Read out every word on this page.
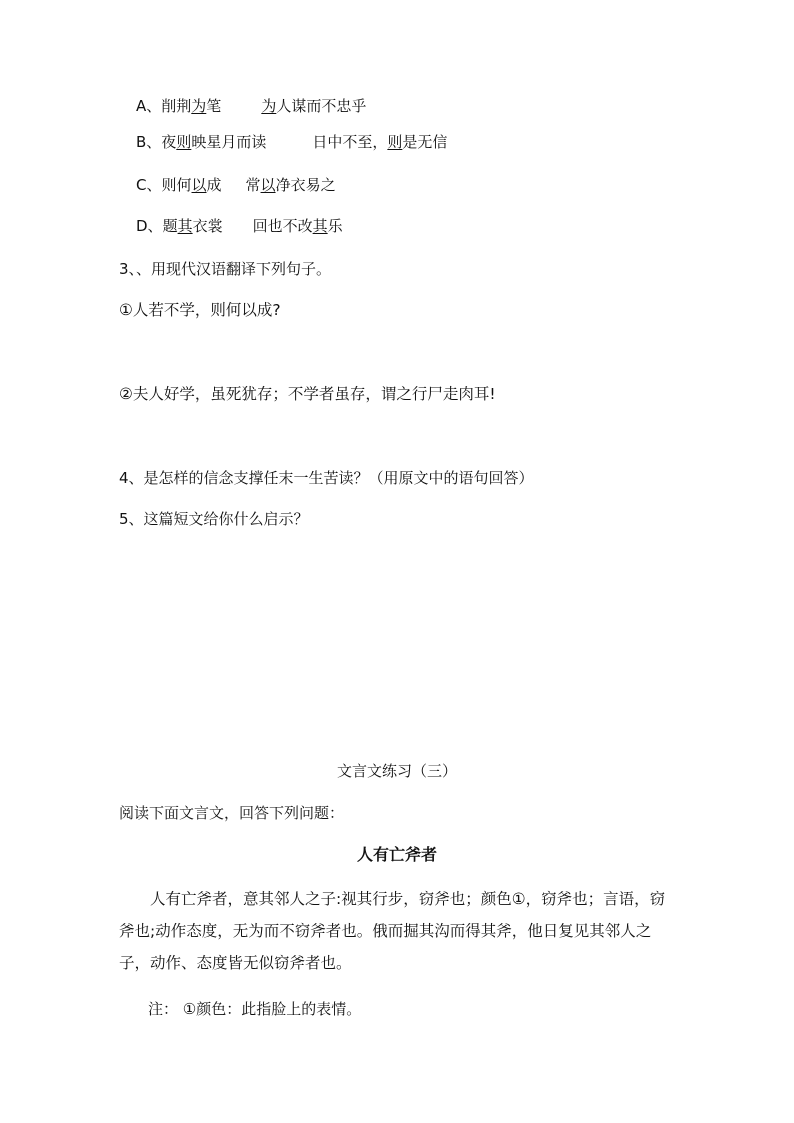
A、削荆为笔	为人谋而不忠乎
B、夜则映星月而读	日中不至，则是无信
C、则何以成 常以净衣易之
D、题其衣裳 回也不改其乐
3、、用现代汉语翻译下列句子。
①人若不学，则何以成?
②夫人好学，虽死犹存；不学者虽存，谓之行尸走肉耳!
4、是怎样的信念支撑任末一生苦读？（用原文中的语句回答）
5、这篇短文给你什么启示？
文言文练习（三）
阅读下面文言文，回答下列问题：
人有亡斧者
人有亡斧者，意其邻人之子:视其行步，窃斧也；颜色①，窃斧也；言语，窃斧也;动作态度，无为而不窃斧者也。俄而掘其沟而得其斧，他日复见其邻人之子，动作、态度皆无似窃斧者也。
注： ①颜色：此指脸上的表情。
